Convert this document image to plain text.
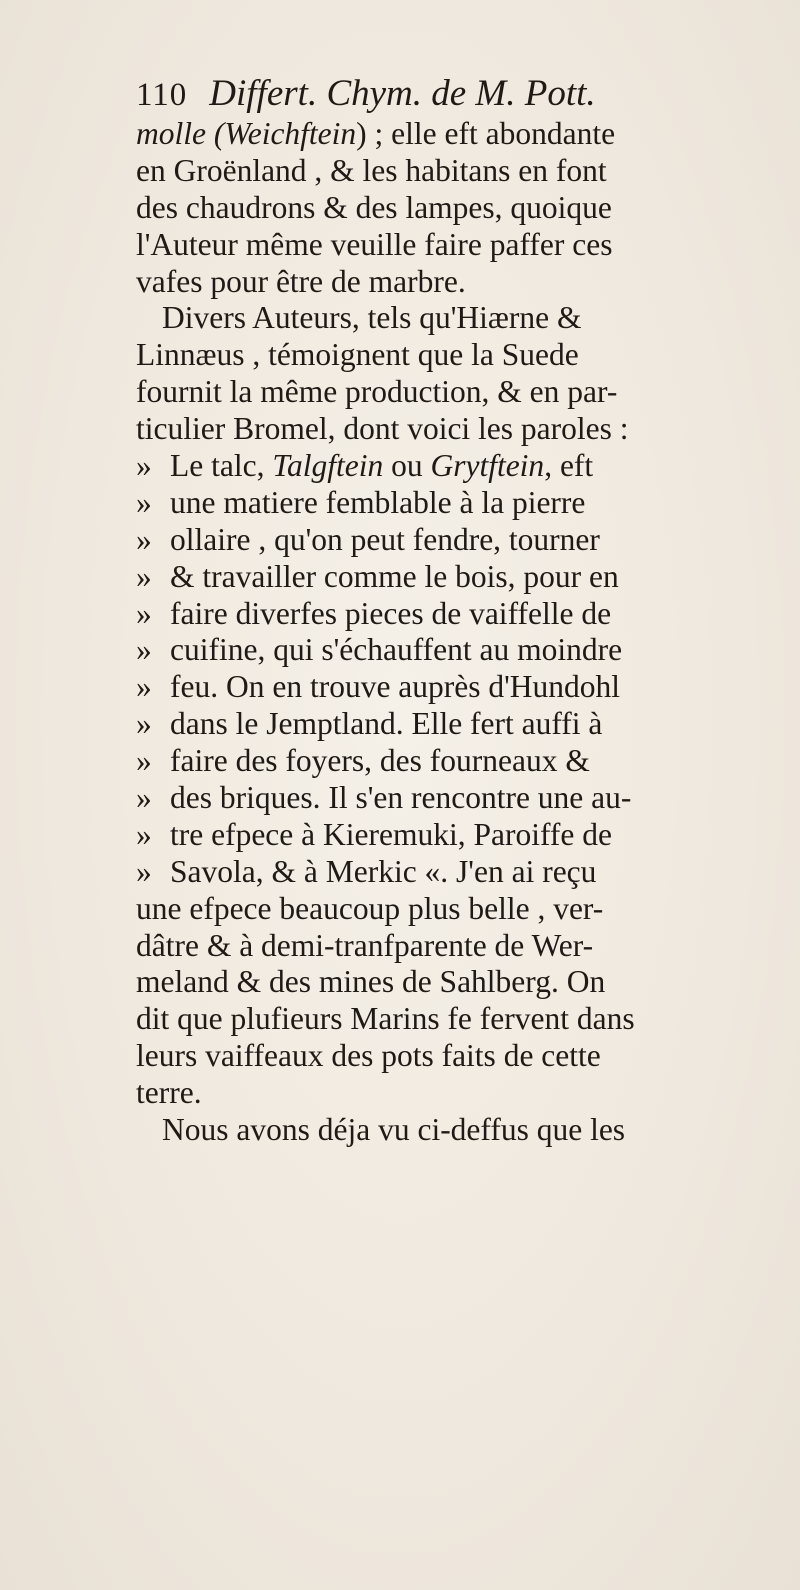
110 Differt. Chym. de M. Pott.
molle (Weichftein) ; elle eft abondante
en Groënland , & les habitans en font
des chaudrons & des lampes, quoique
l'Auteur même veuille faire paffer ces
vafes pour être de marbre.
Divers Auteurs, tels qu'Hiærne &
Linnæus , témoignent que la Suede
fournit la même production, & en par-
ticulier Bromel, dont voici les paroles :
» Le talc, Talgftein ou Grytftein, eft
» une matiere femblable à la pierre
» ollaire , qu'on peut fendre, tourner
» & travailler comme le bois, pour en
» faire diverfes pieces de vaiffelle de
» cuifine, qui s'échauffent au moindre
» feu. On en trouve auprès d'Hundohl
» dans le Jemptland. Elle fert auffi à
» faire des foyers, des fourneaux &
» des briques. Il s'en rencontre une au-
» tre efpece à Kieremuki, Paroiffe de
» Savola, & à Merkic «. J'en ai reçu
une efpece beaucoup plus belle , ver-
dâtre & à demi-tranfparente de Wer-
meland & des mines de Sahlberg. On
dit que plufieurs Marins fe fervent dans
leurs vaiffeaux des pots faits de cette
terre.
Nous avons déja vu ci-deffus que les
